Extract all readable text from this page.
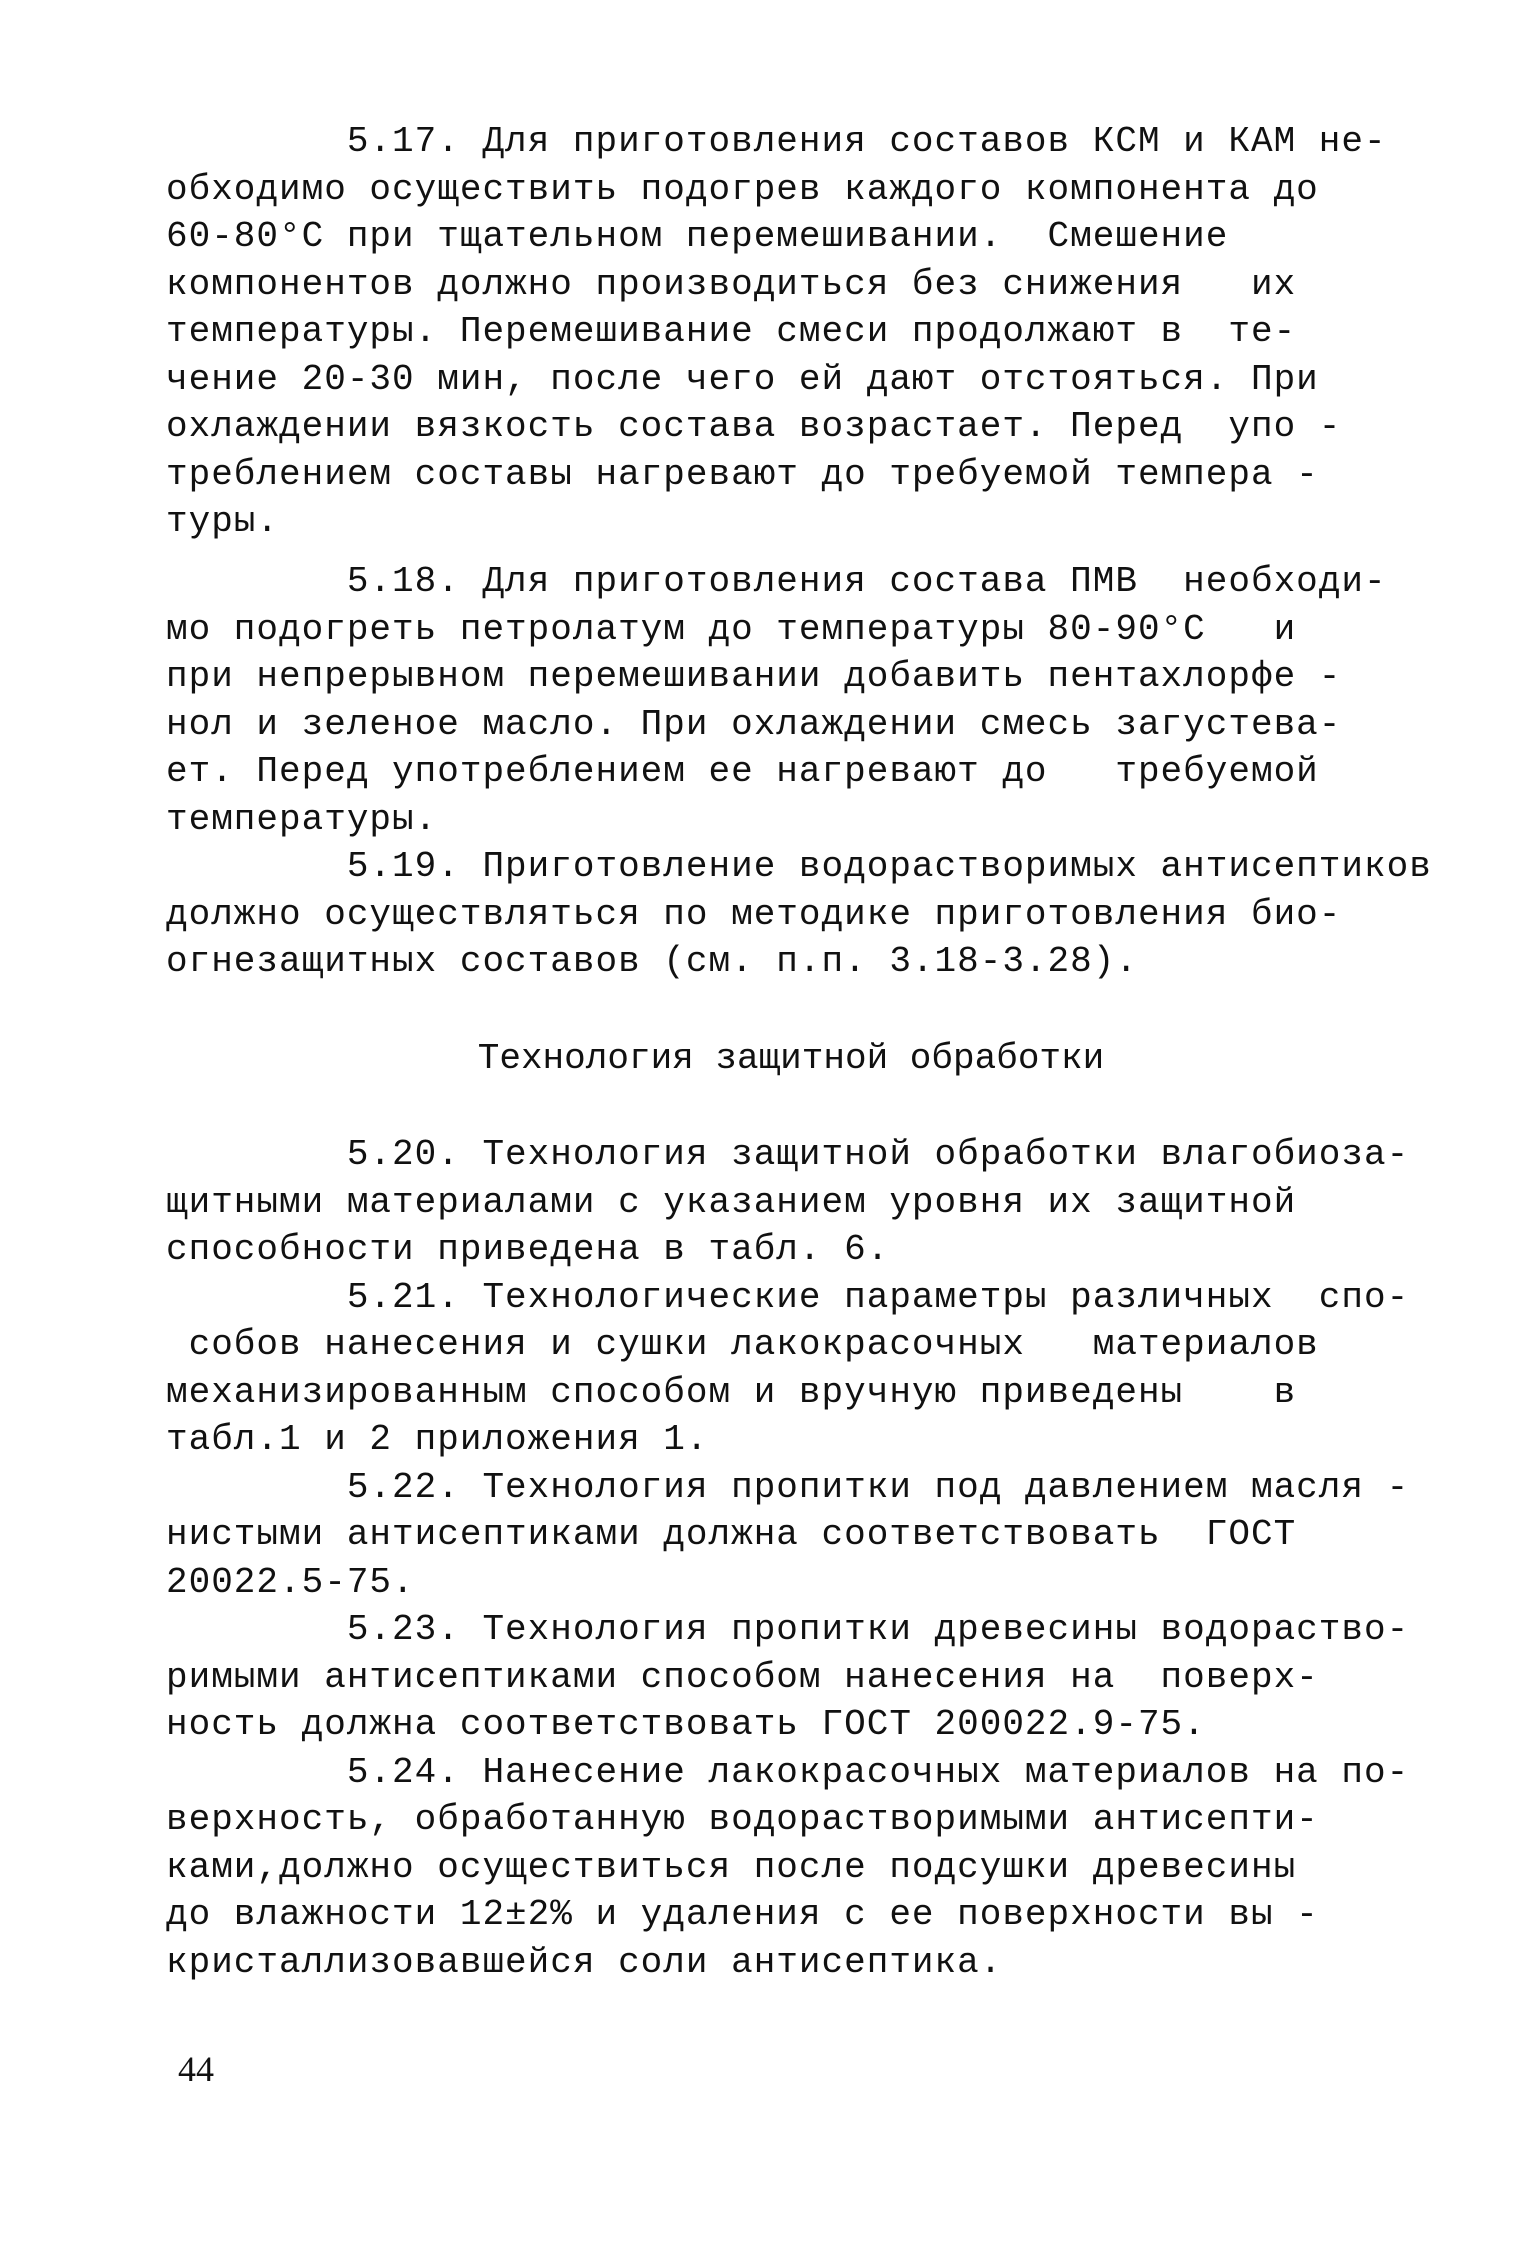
5.17. Для приготовления составов КСМ и КАМ не-
обходимо осуществить подогрев каждого компонента до
60-80°С при тщательном перемешивании.  Смешение
компонентов должно производиться без снижения   их
температуры. Перемешивание смеси продолжают в  те-
чение 20-30 мин, после чего ей дают отстояться. При
охлаждении вязкость состава возрастает. Перед  упо -
треблением составы нагревают до требуемой темпера -
туры.
5.18. Для приготовления состава ПМВ  необходи-
мо подогреть петролатум до температуры 80-90°С   и
при непрерывном перемешивании добавить пентахлорфе -
нол и зеленое масло. При охлаждении смесь загустева-
ет. Перед употреблением ее нагревают до   требуемой
температуры.
5.19. Приготовление водорастворимых антисептиков
должно осуществляться по методике приготовления био-
огнезащитных составов (см. п.п. 3.18-3.28).
Технология защитной обработки
5.20. Технология защитной обработки влагобиоза-
щитными материалами с указанием уровня их защитной
способности приведена в табл. 6.
5.21. Технологические параметры различных  спо-
собов нанесения и сушки лакокрасочных   материалов
механизированным способом и вручную приведены    в
табл.1 и 2 приложения 1.
5.22. Технология пропитки под давлением масля -
нистыми антисептиками должна соответствовать  ГОСТ
20022.5-75.
5.23. Технология пропитки древесины водораство-
римыми антисептиками способом нанесения на  поверх-
ность должна соответствовать ГОСТ 200022.9-75.
5.24. Нанесение лакокрасочных материалов на по-
верхность, обработанную водорастворимыми антисепти-
ками,должно осуществиться после подсушки древесины
до влажности 12±2% и удаления с ее поверхности вы -
кристаллизовавшейся соли антисептика.
44
